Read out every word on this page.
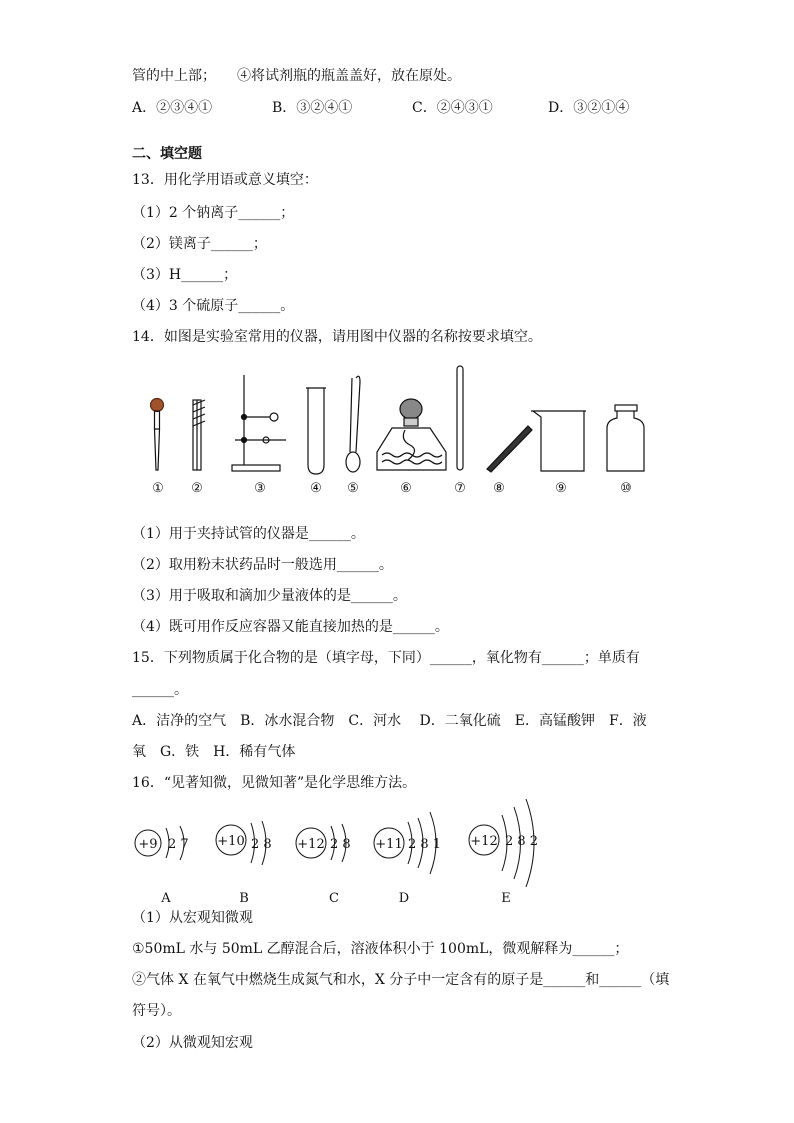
管的中上部；　　④将试剂瓶的瓶盖盖好，放在原处。
A．②③④①	B．③②④①	C．②④③①	D．③②①④
二、填空题
13．用化学用语或意义填空：
（1）2 个钠离子______；
（2）镁离子______；
（3）H______；
（4）3 个硫原子______。
14．如图是实验室常用的仪器，请用图中仪器的名称按要求填空。
① ②	③	④ ⑤	⑥	⑦ ⑧	⑨	⑩
+9 2 7
A
+10 2 8
B
+12 2 8
C
+11 2 8 1
D
+12 2 8 2
E
（1）用于夹持试管的仪器是______。
（2）取用粉末状药品时一般选用______。
（3）用于吸取和滴加少量液体的是______。
（4）既可用作反应容器又能直接加热的是______。
15．下列物质属于化合物的是（填字母，下同）______，氧化物有______；单质有
______。
A．洁净的空气　B．冰水混合物　C．河水　 D．二氧化硫　E．高锰酸钾　F．液
氧　G．铁　H．稀有气体
16．“见著知微，见微知著”是化学思维方法。
（1）从宏观知微观
①50mL 水与 50mL 乙醇混合后，溶液体积小于 100mL，微观解释为______；
②气体 X 在氧气中燃烧生成氮气和水，X 分子中一定含有的原子是______和______（填
符号）。
（2）从微观知宏观
